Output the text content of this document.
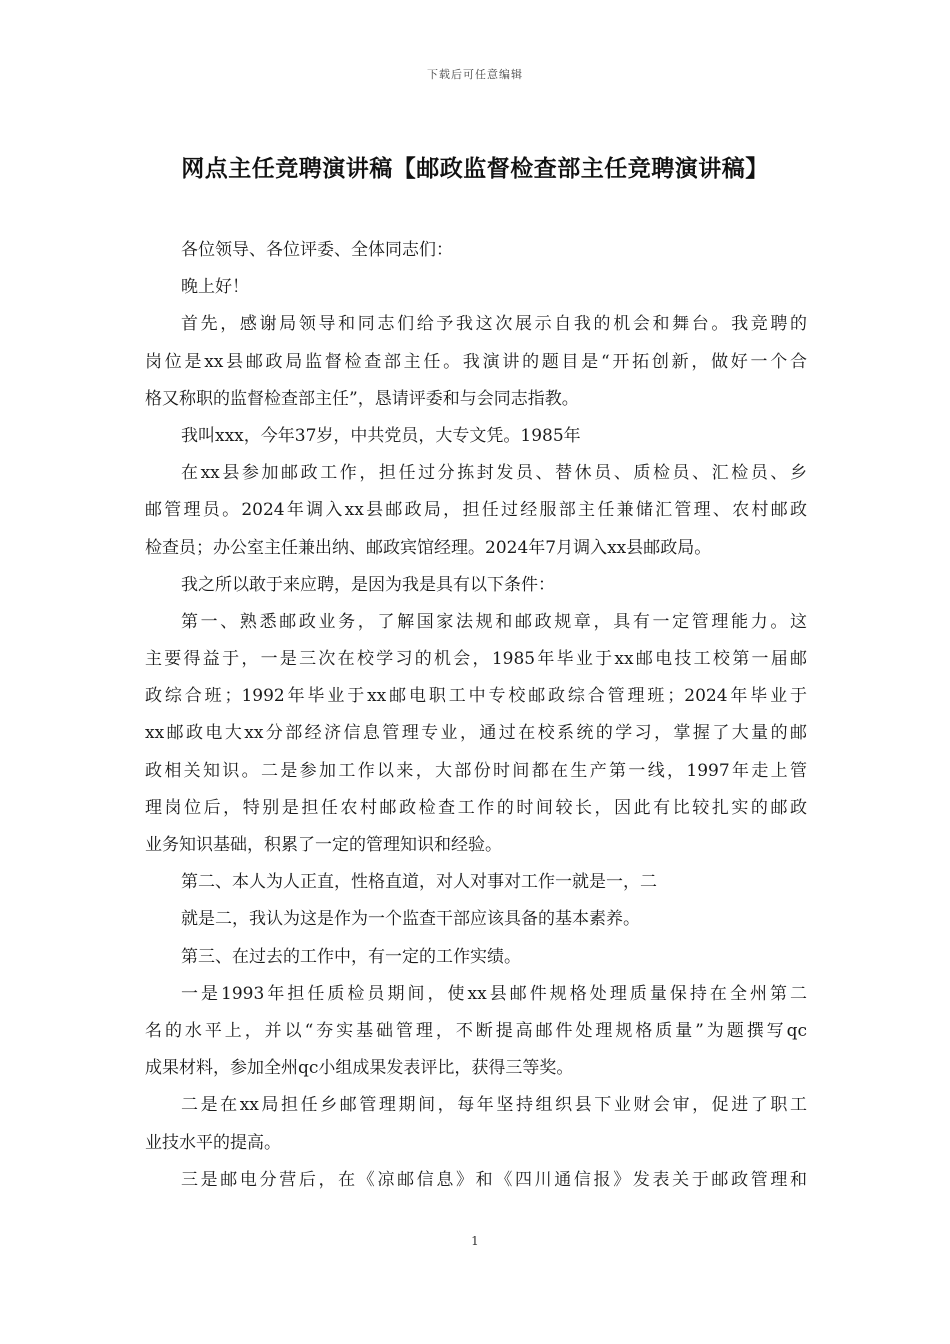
下载后可任意编辑
网点主任竞聘演讲稿【邮政监督检查部主任竞聘演讲稿】
各位领导、各位评委、全体同志们：
晚上好！
首先，感谢局领导和同志们给予我这次展示自我的机会和舞台。我竞聘的
岗位是xx县邮政局监督检查部主任。我演讲的题目是“开拓创新，做好一个合
格又称职的监督检查部主任”，恳请评委和与会同志指教。
我叫xxx，今年37岁，中共党员，大专文凭。1985年
在xx县参加邮政工作，担任过分拣封发员、替休员、质检员、汇检员、乡
邮管理员。2024年调入xx县邮政局，担任过经服部主任兼储汇管理、农村邮政
检查员；办公室主任兼出纳、邮政宾馆经理。2024年7月调入xx县邮政局。
我之所以敢于来应聘，是因为我是具有以下条件：
第一、熟悉邮政业务，了解国家法规和邮政规章，具有一定管理能力。这
主要得益于，一是三次在校学习的机会，1985年毕业于xx邮电技工校第一届邮
政综合班；1992年毕业于xx邮电职工中专校邮政综合管理班；2024年毕业于
xx邮政电大xx分部经济信息管理专业，通过在校系统的学习，掌握了大量的邮
政相关知识。二是参加工作以来，大部份时间都在生产第一线，1997年走上管
理岗位后，特别是担任农村邮政检查工作的时间较长，因此有比较扎实的邮政
业务知识基础，积累了一定的管理知识和经验。
第二、本人为人正直，性格直道，对人对事对工作一就是一，二
就是二，我认为这是作为一个监查干部应该具备的基本素养。
第三、在过去的工作中，有一定的工作实绩。
一是1993年担任质检员期间，使xx县邮件规格处理质量保持在全州第二
名的水平上，并以“夯实基础管理，不断提高邮件处理规格质量”为题撰写qc
成果材料，参加全州qc小组成果发表评比，获得三等奖。
二是在xx局担任乡邮管理期间，每年坚持组织县下业财会审，促进了职工
业技水平的提高。
三是邮电分营后，在《凉邮信息》和《四川通信报》发表关于邮政管理和
1
